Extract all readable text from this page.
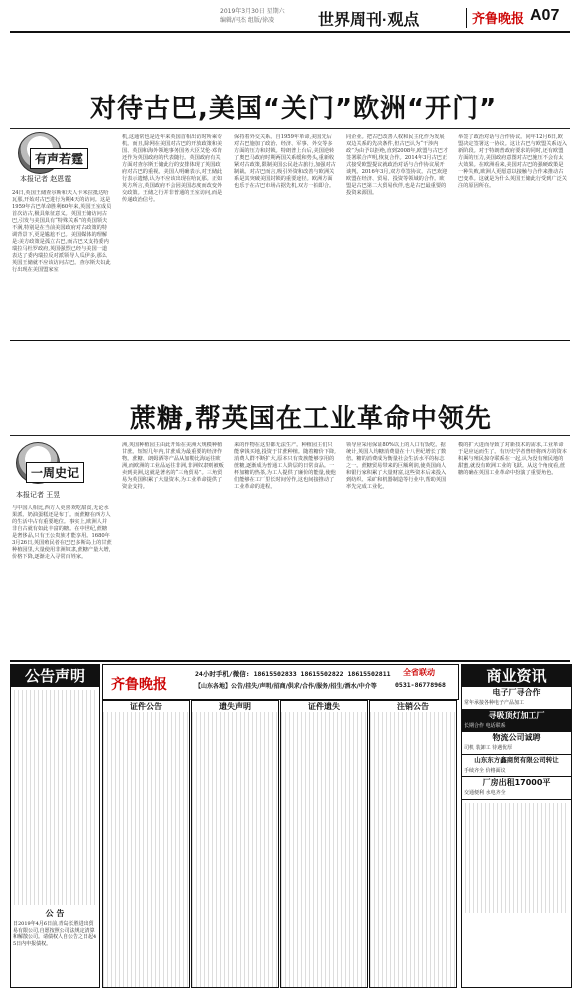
2019年3月30日 星期六
编辑/闫杰 组版/徐凌	世界周刊·观点	齐鲁晚报 A07
对待古巴,美国“关门”欧洲“开门”
有声若霆
本报记者 赵恩霆
24日,英国王储查尔斯和夫人卡米拉抵达哈瓦那,开始对古巴进行为期4天的访问。这是1959年古巴革命胜利60年来,英国王室成员首次访古,极具象征意义。英国王储访问古巴,引发与美国具有“特殊关系”的英国领夫不满,特别是在当前美国政府对古政策的特调背景下,更是尴尬不已。美国媒体的理解是:美方政策是孤立古巴,而古巴又支持委内瑞拉马杜罗政府,英国强烈已经与美国一道表达了委内瑞拉反对派领导人瓜伊多,那么英国王储就不应该访问古巴。查尔斯夫妇此行出现在美国盟家室
机,这通常也是近年来英国首相出访时所乘专机。而且,除网在美国对古巴的开放政策和美国、英国和海外领地事务国务大臣艾伦·邓肯还作为英国政府的代表随行。英国政府有关方面对查尔斯王储此行的安排体现了英国政府对古巴的重视。美国人明确表示,对王储此行表示遗憾,认为不应该出现在哈瓦那。正如英方所言,英国政府不会因美国态度而改变外交政策。王储之行并非普通的王室访问,而是传递政治信号。
保持着外交关系。自1959年革命,美国先后对古巴施加了政治、经济、军事、外交等多方面的压力和封锁。特朗普上台后,美国逆转了奥巴马政府时期两国关系缓和势头,重新收紧对古政策,限制美国公民赴古旅行,加强对古制裁。对古巴而言,吸引外资和改善与欧洲关系是其突破美国封锁的重要途径。欧洲方面也乐于在古巴市场占据先机,双方一拍即合。
同企业。把古巴改善人权和民主化作为发展双边关系的先决条件,但古巴认为“干涉内政”为由予以拒绝,直到2008年,欧盟与古巴才签署联合声明,恢复合作。2014年3月古巴正式接受欧盟提议就政治对话与合作协议展开谈判。2016年3月,双方草签协议。古巴欢迎欧盟在经济、贸易、投资等领域的合作。欧盟是古巴第二大贸易伙伴,也是古巴最重要的投资来源国。
举签了政治对话与合作协议。同年12月6日,欧盟决定签署这一协议。这让古巴与欧盟关系迈入新阶段。对于特朗普政府要求的同时,还有欧盟方面的压力,美国政府意图对古巴施压不会有太大效果。在欧洲看来,美国对古巴的强硬政策是一种失败,欧洲人更愿意以接触与合作来推动古巴变革。这就是为什么英国王储此行受到广泛关注的原因所在。
蔗糖,帮英国在工业革命中领先
一周史记
本报记者 王昱
与中国人相比,西方人更喜欢吃甜食,无论水果派、奶油蛋糕还是布丁。而蔗糖在西方人的生活中占有重要地位。事实上,欧洲人并非自古就有如此丰富的糖。在中世纪,蔗糖是奢侈品,只有王公贵族才能享用。1680年3月26日,英国殖民者在巴巴多斯岛上的甘蔗种植园里,大量使用非洲奴隶,蔗糖产量大增,价格下降,逐渐走入寻常百姓家。
洲,英国种植园主由此开始在美洲大规模种植甘蔗。短短几年内,甘蔗成为最重要的经济作物。蔗糖、朗姆酒等产品从加勒比海运往欧洲,而欧洲的工业品运往非洲,非洲奴隶则被贩卖到美洲,这就是著名的“三角贸易”。三角贸易为英国积累了大量资本,为工业革命提供了资金支持。
来的作物在这里都无法生产。种植园主们只能拿钱买地,投资于甘蔗种植。随着糖价下降,消费人群不断扩大,原本只有贵族能够享用的蔗糖,逐渐成为普通工人阶层的日常食品。一杯加糖的热茶,为工人提供了廉价的能量,使他们能够在工厂里长时间劳作,这也间接推动了工业革命的进程。
领导应采用保证80%以上的人口有饭吃。据统计,英国人均糖消费量在十八世纪增长了数倍。糖的消费成为衡量社会生活水平的标志之一。蔗糖贸易带来的巨额利润,使英国商人和银行家积累了大量财富,这些资本后来投入到纺织、采矿和机器制造等行业中,帮助英国率先完成工业化。
模的扩大进而导致了对新技术的需求,工业革命于是应运而生了。有历史学者曾经将西方的资本积累与殖民掠夺联系在一起,认为没有殖民地的甜蜜,就没有欧洲工业的飞跃。从这个角度看,蔗糖的确在英国工业革命中扮演了重要角色。
公告声明
公 告
日2019年4月6日前,青岛长胜进出贸易有限公司,自愿按照公司法规定清算和解散公司。请债权人自公告之日起45日内申报债权。
齐鲁晚报
24小时手机/微信: 18615502833 18615502822 18615502811 全省联动
【山东各地】公告/挂失/声明/招商/供求/合作/服务/招生/酒水/中介等	0531-86778968
证件公告	遗失声明	证件遗失	注销公告
商业资讯
电子厂寻合作
常年承接各种电子产品加工
寻吸顶灯加工厂
长期合作 电话联系
物流公司诚聘
司机 装卸工 待遇优厚
山东东方鑫商贸有限公司转让
手续齐全 价格面议
厂房出租17000平
交通便利 水电齐全
